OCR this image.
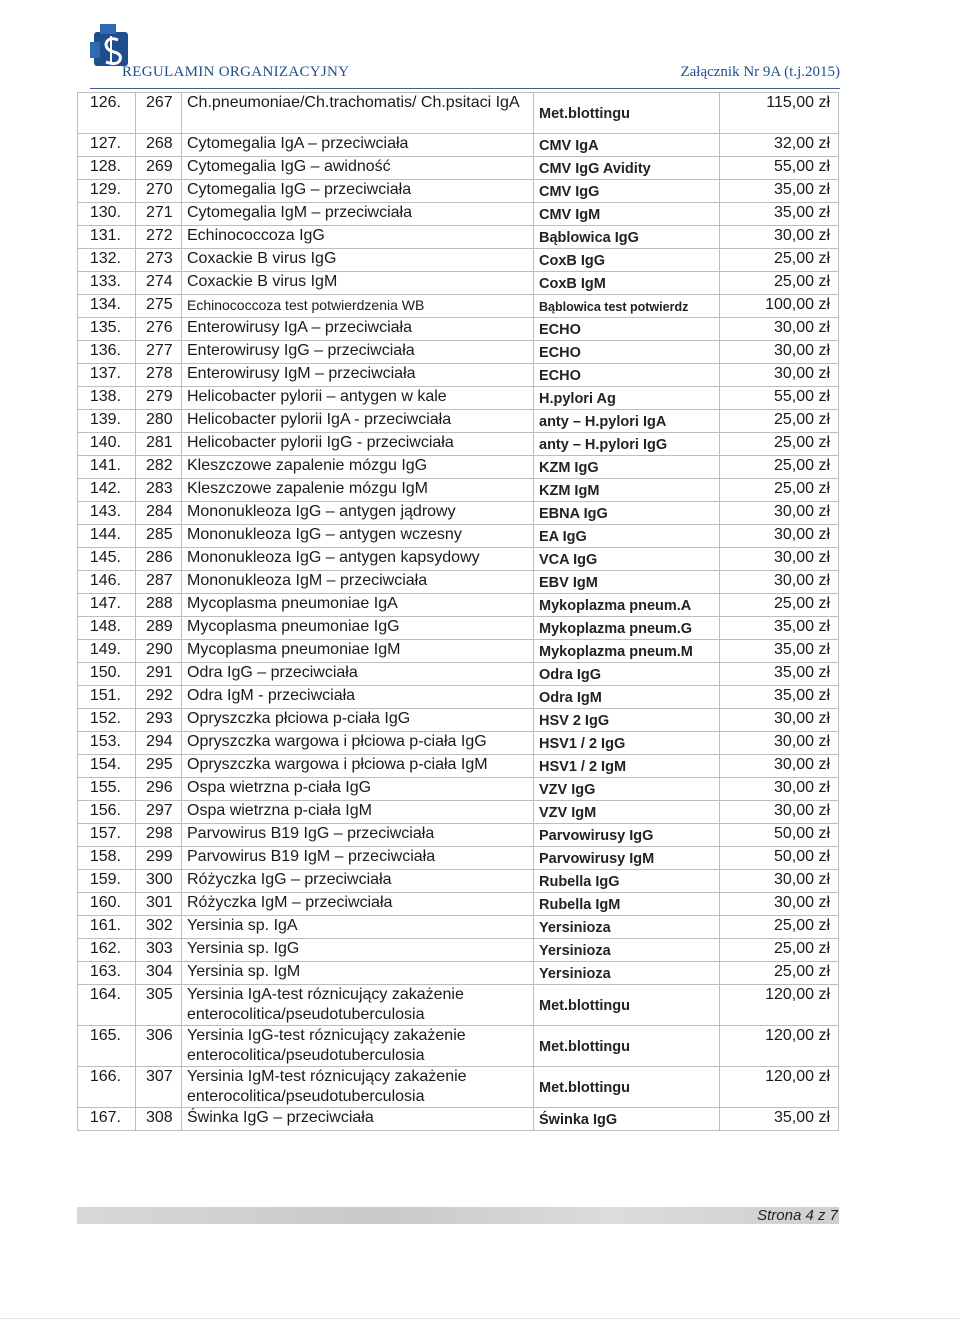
REGULAMIN ORGANIZACYJNY	Załącznik Nr 9A (t.j.2015)
126.	267	Ch.pneumoniae/Ch.trachomatis/ Ch.psitaci IgA	Met.blottingu	115,00 zł
127.	268	Cytomegalia IgA – przeciwciała	CMV IgA	32,00 zł
128.	269	Cytomegalia IgG – awidność	CMV IgG Avidity	55,00 zł
129.	270	Cytomegalia IgG – przeciwciała	CMV IgG	35,00 zł
130.	271	Cytomegalia IgM – przeciwciała	CMV IgM	35,00 zł
131.	272	Echinococcoza IgG	Bąblowica IgG	30,00 zł
132.	273	Coxackie B virus IgG	CoxB IgG	25,00 zł
133.	274	Coxackie B virus IgM	CoxB IgM	25,00 zł
134.	275	Echinococcoza test potwierdzenia WB	Bąblowica test potwierdz	100,00 zł
135.	276	Enterowirusy IgA – przeciwciała	ECHO	30,00 zł
136.	277	Enterowirusy IgG – przeciwciała	ECHO	30,00 zł
137.	278	Enterowirusy IgM – przeciwciała	ECHO	30,00 zł
138.	279	Helicobacter pylorii – antygen w kale	H.pylori Ag	55,00 zł
139.	280	Helicobacter pylorii IgA - przeciwciała	anty – H.pylori IgA	25,00 zł
140.	281	Helicobacter pylorii IgG - przeciwciała	anty – H.pylori IgG	25,00 zł
141.	282	Kleszczowe zapalenie mózgu IgG	KZM IgG	25,00 zł
142.	283	Kleszczowe zapalenie mózgu IgM	KZM IgM	25,00 zł
143.	284	Mononukleoza IgG – antygen jądrowy	EBNA IgG	30,00 zł
144.	285	Mononukleoza IgG – antygen wczesny	EA IgG	30,00 zł
145.	286	Mononukleoza IgG – antygen kapsydowy	VCA IgG	30,00 zł
146.	287	Mononukleoza IgM – przeciwciała	EBV IgM	30,00 zł
147.	288	Mycoplasma pneumoniae IgA	Mykoplazma pneum.A	25,00 zł
148.	289	Mycoplasma pneumoniae IgG	Mykoplazma pneum.G	35,00 zł
149.	290	Mycoplasma pneumoniae IgM	Mykoplazma pneum.M	35,00 zł
150.	291	Odra IgG – przeciwciała	Odra IgG	35,00 zł
151.	292	Odra IgM - przeciwciała	Odra IgM	35,00 zł
152.	293	Opryszczka płciowa p-ciała IgG	HSV 2 IgG	30,00 zł
153.	294	Opryszczka wargowa i płciowa p-ciała IgG	HSV1 / 2 IgG	30,00 zł
154.	295	Opryszczka wargowa i płciowa p-ciała IgM	HSV1 / 2 IgM	30,00 zł
155.	296	Ospa wietrzna p-ciała IgG	VZV IgG	30,00 zł
156.	297	Ospa wietrzna p-ciała IgM	VZV IgM	30,00 zł
157.	298	Parvowirus B19 IgG – przeciwciała	Parvowirusy IgG	50,00 zł
158.	299	Parvowirus B19 IgM – przeciwciała	Parvowirusy IgM	50,00 zł
159.	300	Różyczka IgG – przeciwciała	Rubella IgG	30,00 zł
160.	301	Różyczka IgM – przeciwciała	Rubella IgM	30,00 zł
161.	302	Yersinia sp. IgA	Yersinioza	25,00 zł
162.	303	Yersinia sp. IgG	Yersinioza	25,00 zł
163.	304	Yersinia sp. IgM	Yersinioza	25,00 zł
164.	305	Yersinia IgA-test róznicujący zakażenie enterocolitica/pseudotuberculosia	Met.blottingu	120,00 zł
165.	306	Yersinia IgG-test róznicujący zakażenie enterocolitica/pseudotuberculosia	Met.blottingu	120,00 zł
166.	307	Yersinia IgM-test róznicujący zakażenie enterocolitica/pseudotuberculosia	Met.blottingu	120,00 zł
167.	308	Świnka IgG – przeciwciała	Świnka IgG	35,00 zł
Strona 4 z 7
